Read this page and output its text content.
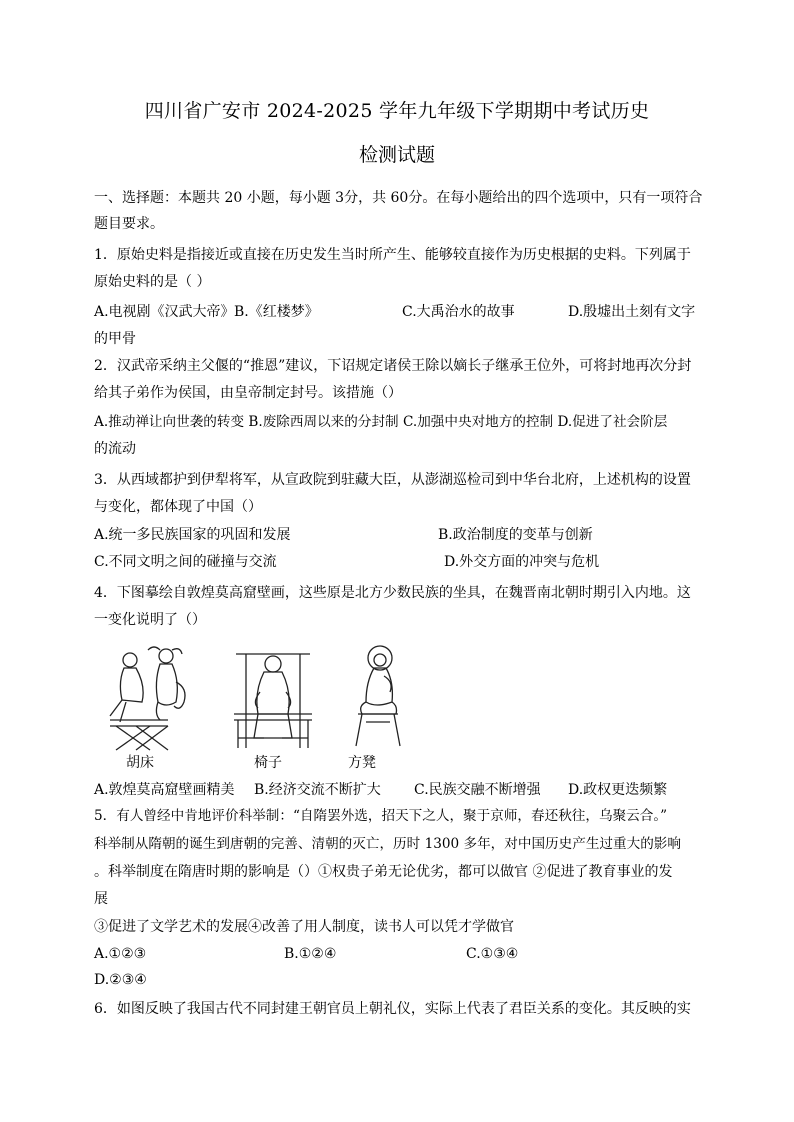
四川省广安市 2024-2025 学年九年级下学期期中考试历史
检测试题
一、选择题：本题共 20 小题，每小题 3分，共 60分。在每小题给出的四个选项中，只有一项符合
题目要求。
1．原始史料是指接近或直接在历史发生当时所产生、能够较直接作为历史根据的史料。下列属于
原始史料的是（ ）
A.电视剧《汉武大帝》 B.《红楼梦》	C.大禹治水的故事	D.殷墟出土刻有文字
的甲骨
2．汉武帝采纳主父偃的“推恩”建议，下诏规定诸侯王除以嫡长子继承王位外，可将封地再次分封
给其子弟作为侯国，由皇帝制定封号。该措施（）
A.推动禅让向世袭的转变 B.废除西周以来的分封制 C.加强中央对地方的控制 D.促进了社会阶层
的流动
3．从西域都护到伊犁将军，从宣政院到驻藏大臣，从澎湖巡检司到中华台北府，上述机构的设置
与变化，都体现了中国（）
A.统一多民族国家的巩固和发展	B.政治制度的变革与创新
C.不同文明之间的碰撞与交流	D.外交方面的冲突与危机
4．下图摹绘自敦煌莫高窟壁画，这些原是北方少数民族的坐具，在魏晋南北朝时期引入内地。这
一变化说明了（）
胡床	椅子	方凳
A.敦煌莫高窟壁画精美 B.经济交流不断扩大 C.民族交融不断增强 D.政权更迭频繁
5．有人曾经中肯地评价科举制：“自隋罢外选，招天下之人，聚于京师，春还秋往，乌聚云合。”
科举制从隋朝的诞生到唐朝的完善、清朝的灭亡，历时 1300 多年，对中国历史产生过重大的影响
。科举制度在隋唐时期的影响是（）①权贵子弟无论优劣，都可以做官 ②促进了教育事业的发
展
③促进了文学艺术的发展④改善了用人制度，读书人可以凭才学做官
A.①②③	B.①②④	C.①③④
D.②③④
6．如图反映了我国古代不同封建王朝官员上朝礼仪，实际上代表了君臣关系的变化。其反映的实
